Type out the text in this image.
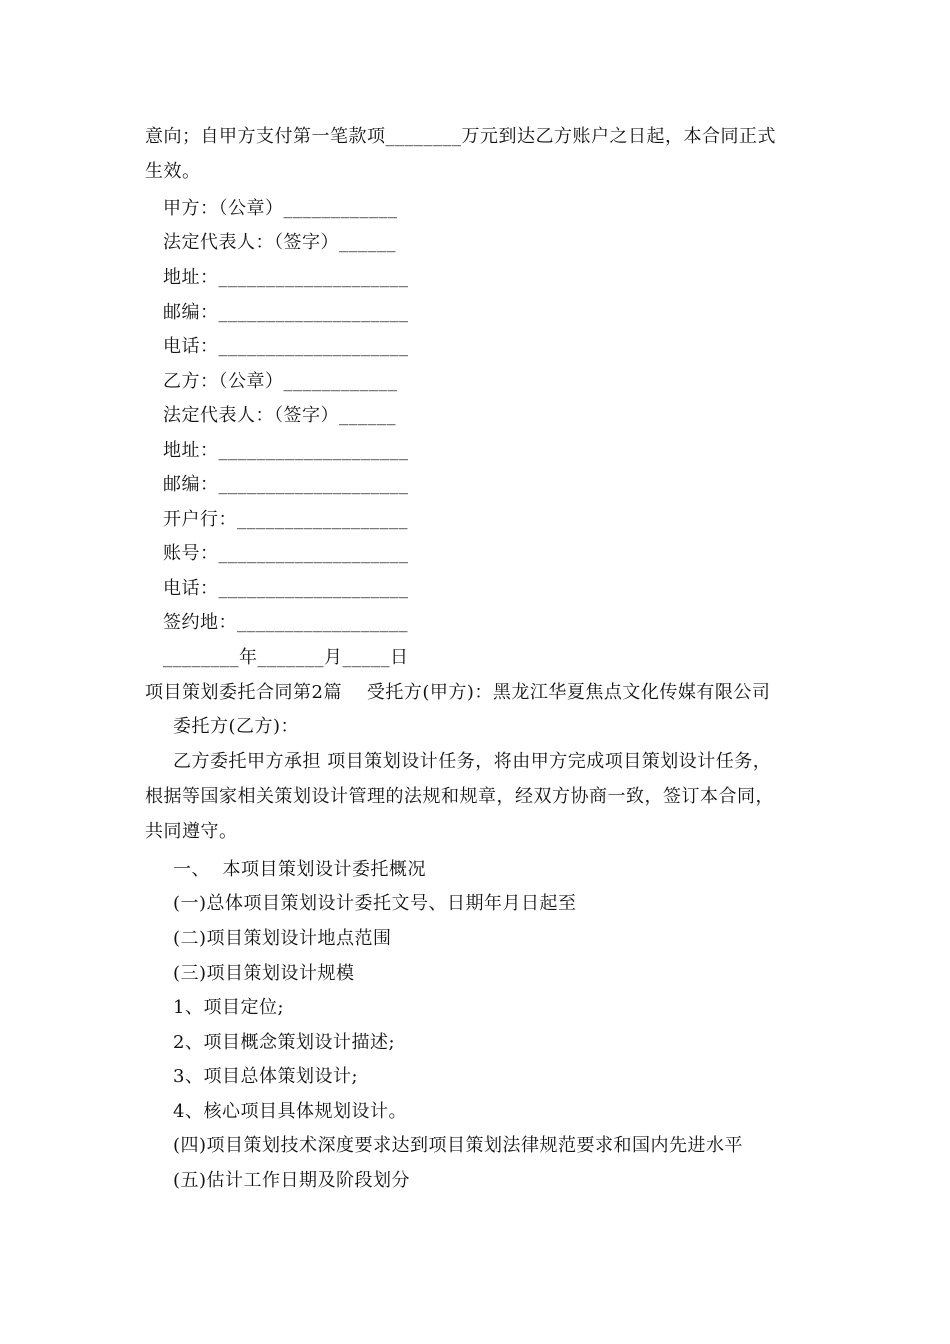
意向；自甲方支付第一笔款项________万元到达乙方账户之日起，本合同正式
生效。
甲方：（公章）____________
法定代表人：（签字）______
地址：____________________
邮编：____________________
电话：____________________
乙方：（公章）____________
法定代表人：（签字）______
地址：____________________
邮编：____________________
开户行：__________________
账号：____________________
电话：____________________
签约地：__________________
________年_______月_____日
项目策划委托合同第2篇    受托方(甲方)：黑龙江华夏焦点文化传媒有限公司
委托方(乙方)：
乙方委托甲方承担 项目策划设计任务，将由甲方完成项目策划设计任务，
根据等国家相关策划设计管理的法规和规章，经双方协商一致，签订本合同，
共同遵守。
一、  本项目策划设计委托概况
(一)总体项目策划设计委托文号、日期年月日起至
(二)项目策划设计地点范围
(三)项目策划设计规模
1、项目定位;
2、项目概念策划设计描述;
3、项目总体策划设计;
4、核心项目具体规划设计。
(四)项目策划技术深度要求达到项目策划法律规范要求和国内先进水平
(五)估计工作日期及阶段划分
